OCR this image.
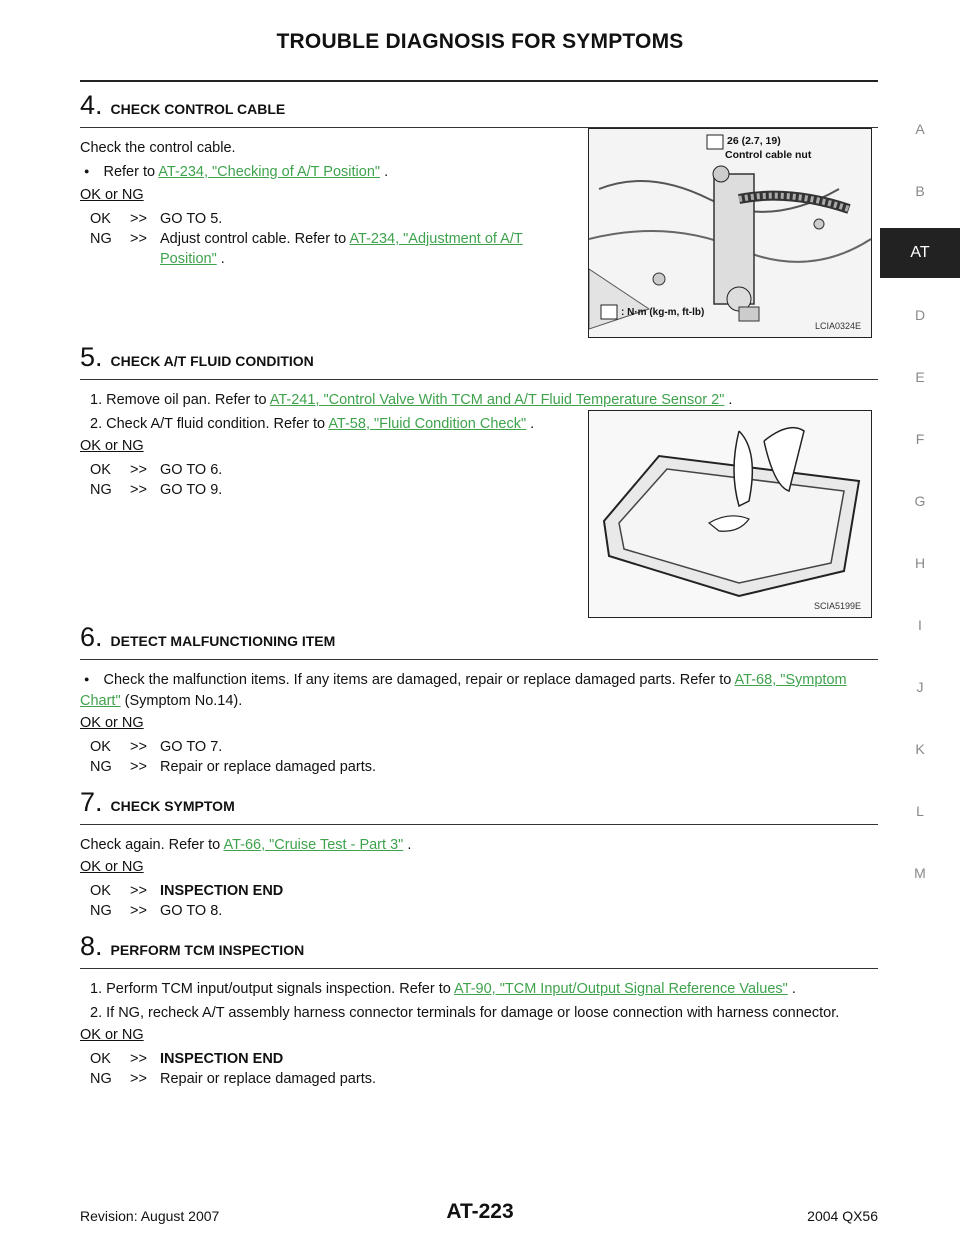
TROUBLE DIAGNOSIS FOR SYMPTOMS
A
B
AT
D
E
F
G
H
I
J
K
L
M
4. CHECK CONTROL CABLE

Check the control cable.

● Refer to AT-234, "Checking of A/T Position" .

OK or NG
OK	>> GO TO 5.
NG	>> Adjust control cable. Refer to AT-234, "Adjustment of A/T Position" .
26 (2.7, 19)
Control cable nut
: N·m (kg-m, ft-lb)
LCIA0324E
5. CHECK A/T FLUID CONDITION

1. Remove oil pan. Refer to AT-241, "Control Valve With TCM and A/T Fluid Temperature Sensor 2" .

2. Check A/T fluid condition. Refer to AT-58, "Fluid Condition Check" .

OK or NG
OK	>> GO TO 6.
NG	>> GO TO 9.
SCIA5199E
6. DETECT MALFUNCTIONING ITEM

● Check the malfunction items. If any items are damaged, repair or replace damaged parts. Refer to AT-68, "Symptom Chart" (Symptom No.14).

OK or NG
OK	>> GO TO 7.
NG	>> Repair or replace damaged parts.
7. CHECK SYMPTOM

Check again. Refer to AT-66, "Cruise Test - Part 3" .

OK or NG
OK	>> INSPECTION END
NG	>> GO TO 8.
8. PERFORM TCM INSPECTION

1. Perform TCM input/output signals inspection. Refer to AT-90, "TCM Input/Output Signal Reference Values" .

2. If NG, recheck A/T assembly harness connector terminals for damage or loose connection with harness connector.

OK or NG
OK	>> INSPECTION END
NG	>> Repair or replace damaged parts.
Revision: August 2007	AT-223	2004 QX56
